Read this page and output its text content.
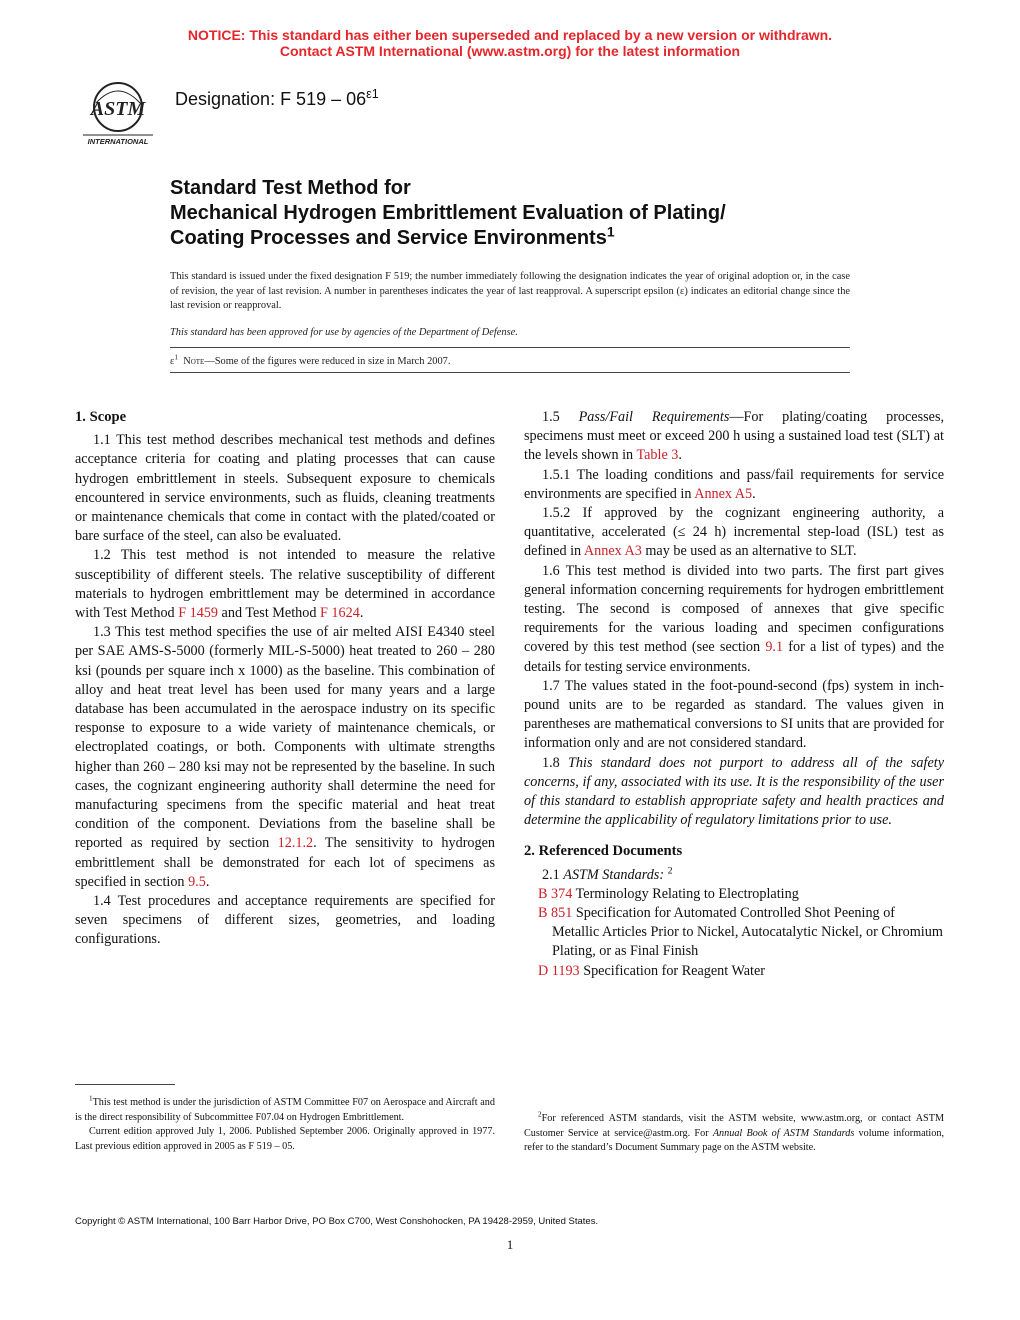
NOTICE: This standard has either been superseded and replaced by a new version or withdrawn.
Contact ASTM International (www.astm.org) for the latest information
ASTM
INTERNATIONAL
Designation: F $519 - 06^{\varepsilon 1}$
Standard Test Method for
Mechanical Hydrogen Embrittlement Evaluation of Plating/
Coating Processes and Service Environments$^1$
This standard is issued under the fixed designation F 519; the number immediately following the designation indicates the year of original adoption or, in the case of revision, the year of last revision. A number in parentheses indicates the year of last reapproval. A superscript epsilon (ε) indicates an editorial change since the last revision or reapproval.
This standard has been approved for use by agencies of the Department of Defense.
$\varepsilon^1$ Note—Some of the figures were reduced in size in March 2007.
1. Scope

1.1 This test method describes mechanical test methods and defines acceptance criteria for coating and plating processes that can cause hydrogen embrittlement in steels. Subsequent exposure to chemicals encountered in service environments, such as fluids, cleaning treatments or maintenance chemicals that come in contact with the plated/coated or bare surface of the steel, can also be evaluated.

1.2 This test method is not intended to measure the relative susceptibility of different steels. The relative susceptibility of different materials to hydrogen embrittlement may be determined in accordance with Test Method F 1459 and Test Method F 1624.

1.3 This test method specifies the use of air melted AISI E4340 steel per SAE AMS-S-5000 (formerly MIL-S-5000) heat treated to 260 – 280 ksi (pounds per square inch x 1000) as the baseline. This combination of alloy and heat treat level has been used for many years and a large database has been accumulated in the aerospace industry on its specific response to exposure to a wide variety of maintenance chemicals, or electroplated coatings, or both. Components with ultimate strengths higher than 260 – 280 ksi may not be represented by the baseline. In such cases, the cognizant engineering authority shall determine the need for manufacturing specimens from the specific material and heat treat condition of the component. Deviations from the baseline shall be reported as required by section 12.1.2. The sensitivity to hydrogen embrittlement shall be demonstrated for each lot of specimens as specified in section 9.5.

1.4 Test procedures and acceptance requirements are specified for seven specimens of different sizes, geometries, and loading configurations.

1.5 Pass/Fail Requirements—For plating/coating processes, specimens must meet or exceed 200 h using a sustained load test (SLT) at the levels shown in Table 3.

1.5.1 The loading conditions and pass/fail requirements for service environments are specified in Annex A5.

1.5.2 If approved by the cognizant engineering authority, a quantitative, accelerated (≤ 24 h) incremental step-load (ISL) test as defined in Annex A3 may be used as an alternative to SLT.

1.6 This test method is divided into two parts. The first part gives general information concerning requirements for hydrogen embrittlement testing. The second is composed of annexes that give specific requirements for the various loading and specimen configurations covered by this test method (see section 9.1 for a list of types) and the details for testing service environments.

1.7 The values stated in the foot-pound-second (fps) system in inch-pound units are to be regarded as standard. The values given in parentheses are mathematical conversions to SI units that are provided for information only and are not considered standard.

1.8 This standard does not purport to address all of the safety concerns, if any, associated with its use. It is the responsibility of the user of this standard to establish appropriate safety and health practices and determine the applicability of regulatory limitations prior to use.

2. Referenced Documents

2.1 ASTM Standards: $^2$

B 374 Terminology Relating to Electroplating

B 851 Specification for Automated Controlled Shot Peening of Metallic Articles Prior to Nickel, Autocatalytic Nickel, or Chromium Plating, or as Final Finish

D 1193 Specification for Reagent Water

$^1$This test method is under the jurisdiction of ASTM Committee F07 on Aerospace and Aircraft and is the direct responsibility of Subcommittee F07.04 on Hydrogen Embrittlement.

Current edition approved July 1, 2006. Published September 2006. Originally approved in 1977. Last previous edition approved in 2005 as F 519 – 05.

$^2$For referenced ASTM standards, visit the ASTM website, www.astm.org, or contact ASTM Customer Service at service@astm.org. For Annual Book of ASTM Standards volume information, refer to the standard’s Document Summary page on the ASTM website.

Copyright © ASTM International, 100 Barr Harbor Drive, PO Box C700, West Conshohocken, PA 19428-2959, United States.
1
